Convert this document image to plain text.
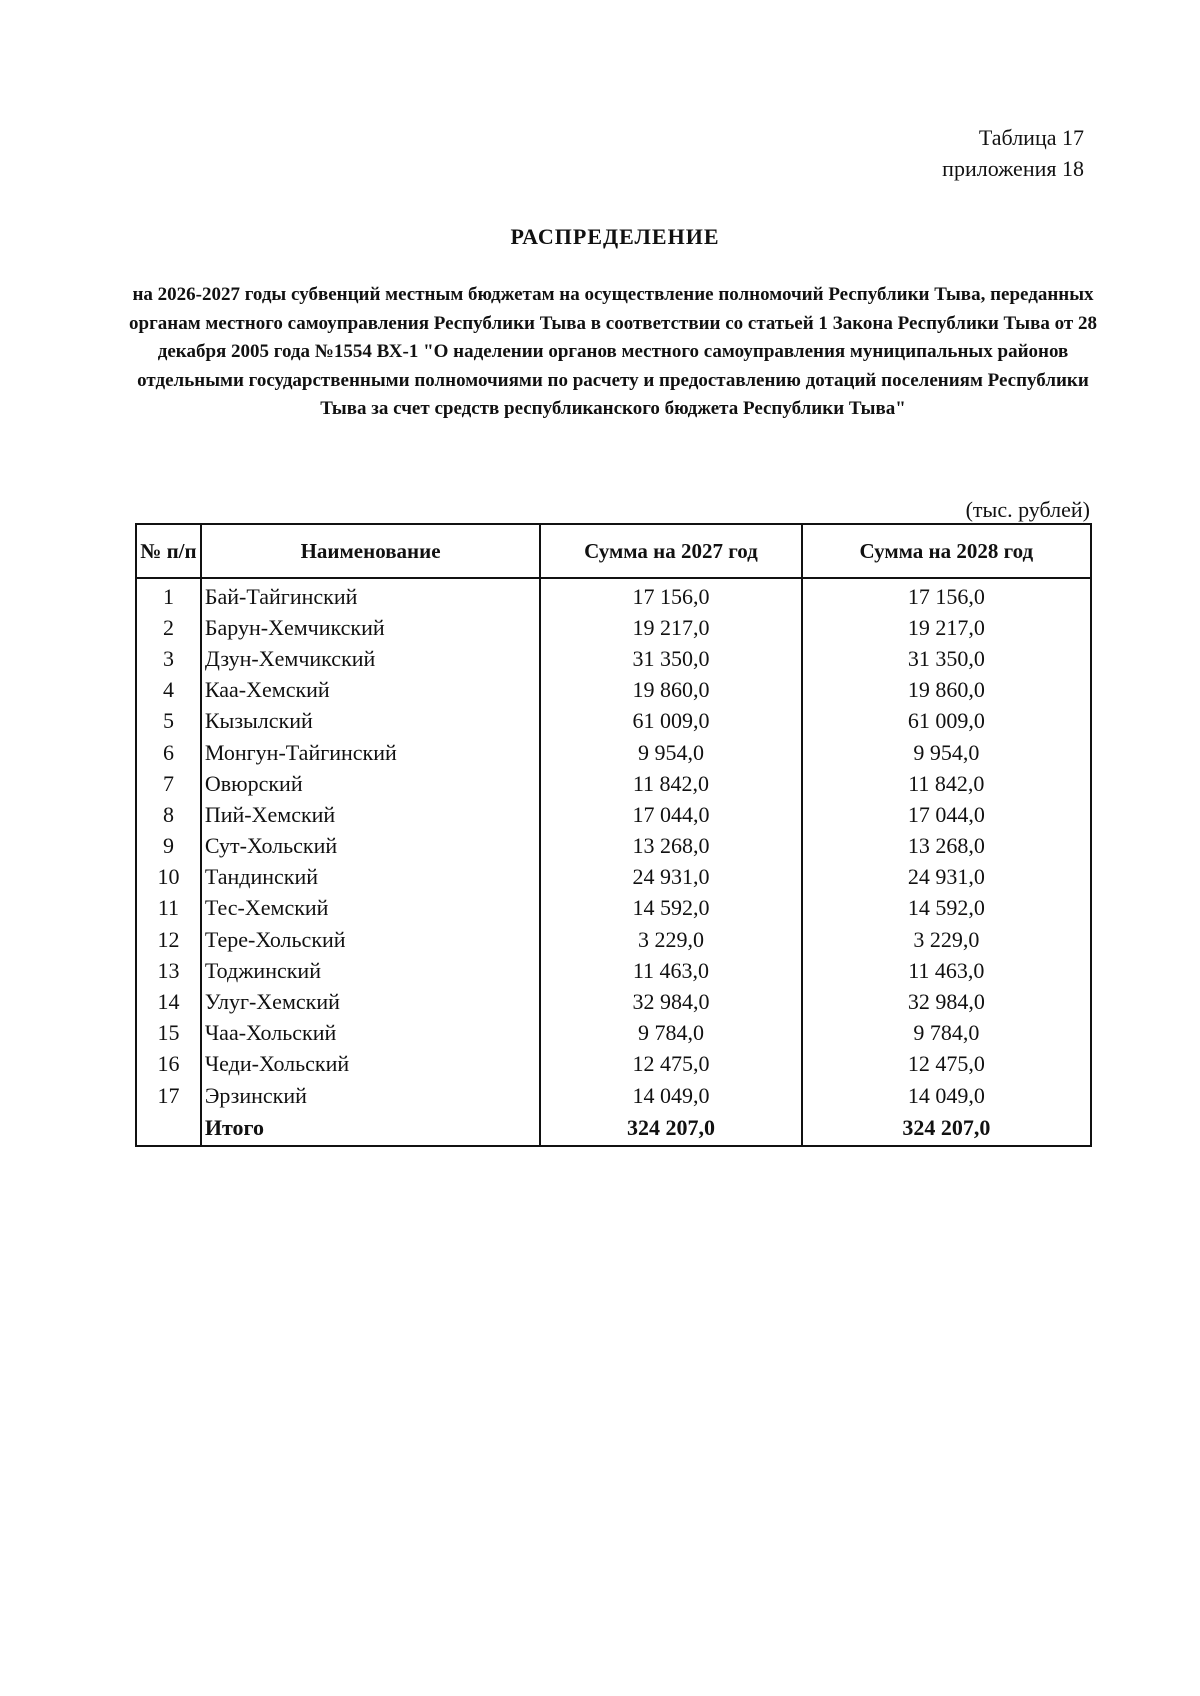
Таблица 17
приложения 18
РАСПРЕДЕЛЕНИЕ
на 2026-2027 годы субвенций местным бюджетам на осуществление полномочий Республики Тыва, переданных органам местного самоуправления Республики Тыва в соответствии со статьей 1 Закона Республики Тыва от 28 декабря 2005 года №1554 ВХ-1 "О наделении органов местного самоуправления муниципальных районов отдельными государственными полномочиями по расчету и предоставлению дотаций поселениям Республики Тыва за счет средств республиканского бюджета Республики Тыва"
(тыс. рублей)
№ п/п	Наименование	Сумма на 2027 год	Сумма на 2028 год
1	Бай-Тайгинский	17 156,0	17 156,0
2	Барун-Хемчикский	19 217,0	19 217,0
3	Дзун-Хемчикский	31 350,0	31 350,0
4	Каа-Хемский	19 860,0	19 860,0
5	Кызылский	61 009,0	61 009,0
6	Монгун-Тайгинский	9 954,0	9 954,0
7	Овюрский	11 842,0	11 842,0
8	Пий-Хемский	17 044,0	17 044,0
9	Сут-Хольский	13 268,0	13 268,0
10	Тандинский	24 931,0	24 931,0
11	Тес-Хемский	14 592,0	14 592,0
12	Тере-Хольский	3 229,0	3 229,0
13	Тоджинский	11 463,0	11 463,0
14	Улуг-Хемский	32 984,0	32 984,0
15	Чаа-Хольский	9 784,0	9 784,0
16	Чеди-Хольский	12 475,0	12 475,0
17	Эрзинский	14 049,0	14 049,0
	Итого	324 207,0	324 207,0
